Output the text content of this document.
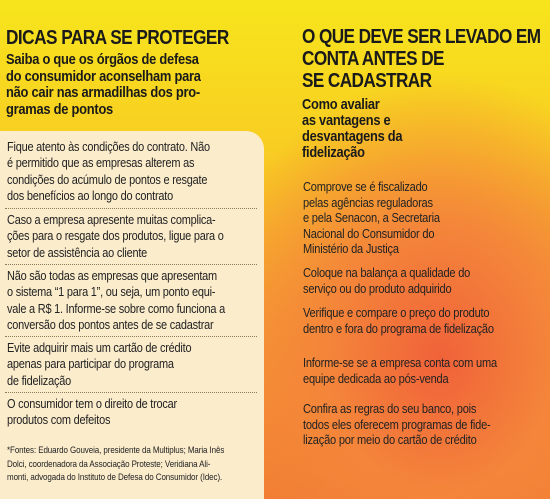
DICAS PARA SE PROTEGER
Saiba o que os órgãos de defesa
do consumidor aconselham para
não cair nas armadilhas dos pro-
gramas de pontos
Fique atento às condições do contrato. Não
é permitido que as empresas alterem as
condições do acúmulo de pontos e resgate
dos benefícios ao longo do contrato
Caso a empresa apresente muitas complica-
ções para o resgate dos produtos, ligue para o
setor de assistência ao cliente
Não são todas as empresas que apresentam
o sistema “1 para 1”, ou seja, um ponto equi-
vale a R$ 1. Informe-se sobre como funciona a
conversão dos pontos antes de se cadastrar
Evite adquirir mais um cartão de crédito
apenas para participar do programa
de fidelização
O consumidor tem o direito de trocar
produtos com defeitos
*Fontes: Eduardo Gouveia, presidente da Multiplus; Maria Inês
Dolci, coordenadora da Associação Proteste; Veridiana Ali-
monti, advogada do Instituto de Defesa do Consumidor (Idec).
O QUE DEVE SER LEVADO EM
CONTA ANTES DE
SE CADASTRAR
Como avaliar
as vantagens e
desvantagens da
fidelização
Comprove se é fiscalizado
pelas agências reguladoras
e pela Senacon, a Secretaria
Nacional do Consumidor do
Ministério da Justiça
Coloque na balança a qualidade do
serviço ou do produto adquirido
Verifique e compare o preço do produto
dentro e fora do programa de fidelização
Informe-se se a empresa conta com uma
equipe dedicada ao pós-venda
Confira as regras do seu banco, pois
todos eles oferecem programas de fide-
lização por meio do cartão de crédito
